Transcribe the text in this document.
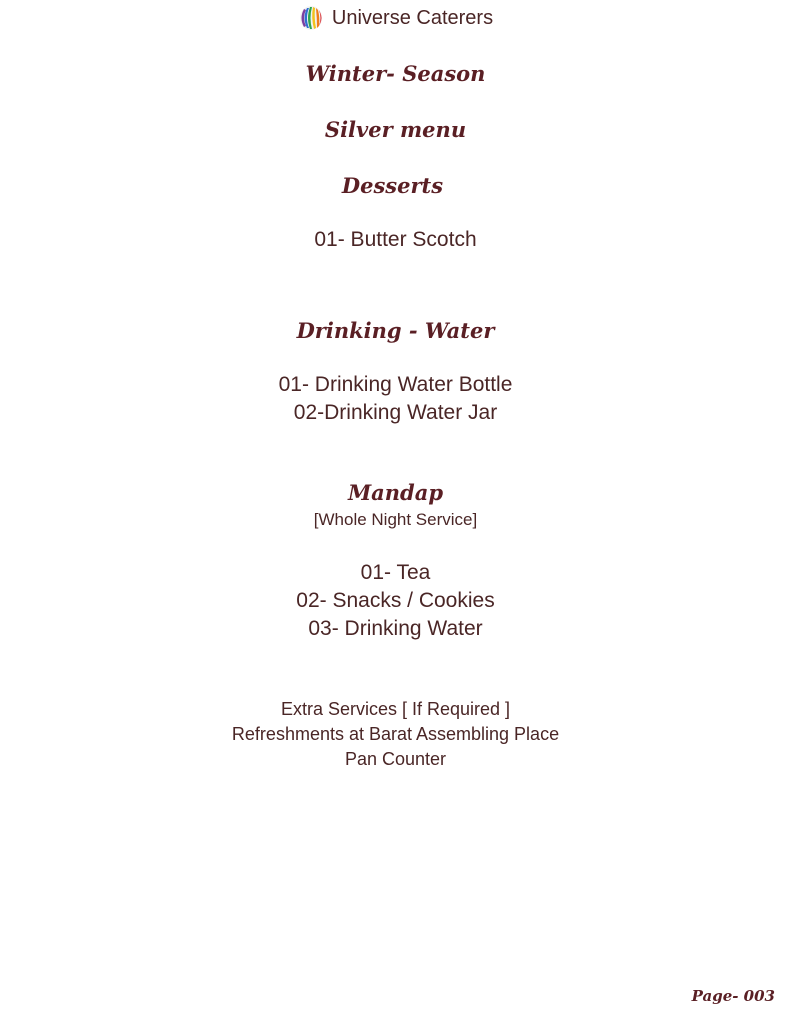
Universe Caterers
Winter- Season
Silver menu
Desserts
01- Butter Scotch
Drinking - Water
01- Drinking Water Bottle
02-Drinking Water Jar
Mandap
[Whole Night Service]
01- Tea
02- Snacks / Cookies
03- Drinking Water
Extra Services [ If Required ]
Refreshments at Barat Assembling Place
Pan Counter
Page- 003
